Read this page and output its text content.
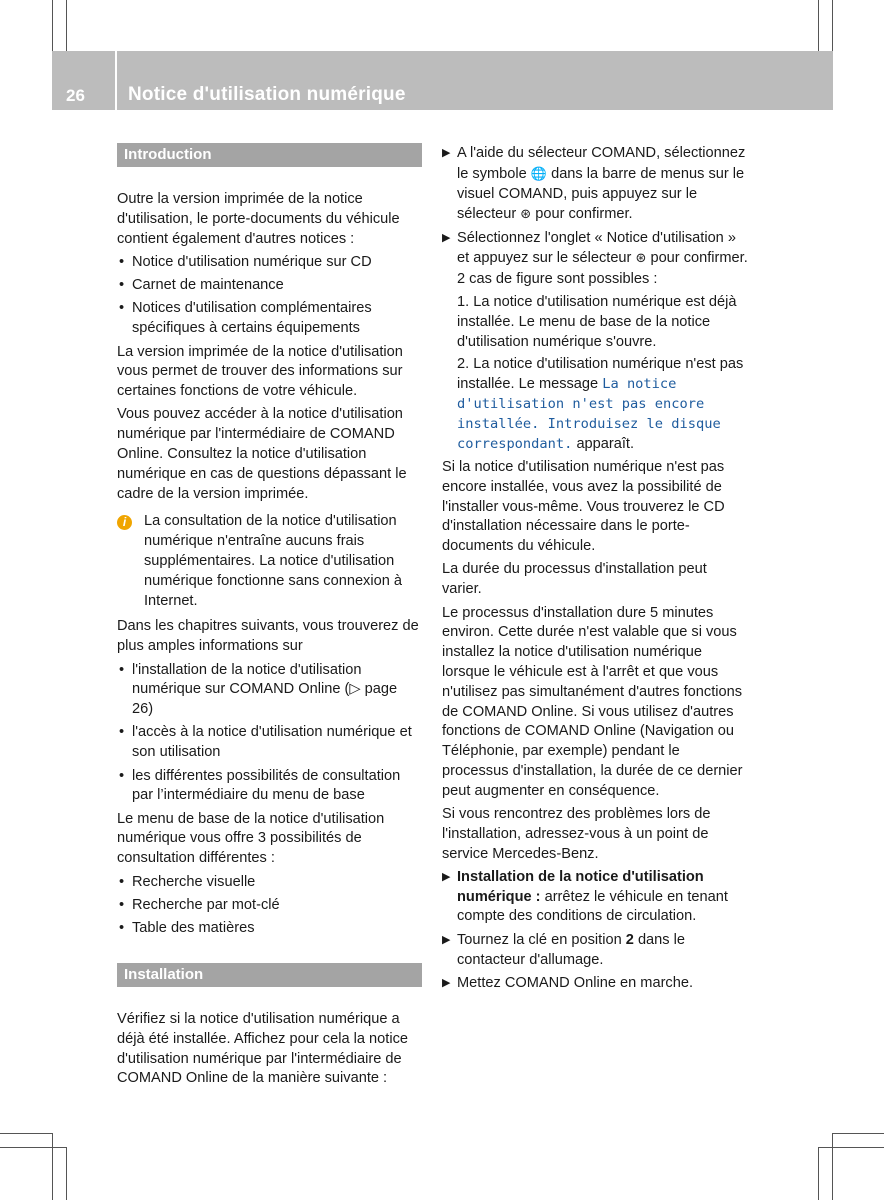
26 Notice d'utilisation numérique
Introduction

Outre la version imprimée de la notice d'utilisation, le porte-documents du véhicule contient également d'autres notices :

• Notice d'utilisation numérique sur CD
• Carnet de maintenance
• Notices d'utilisation complémentaires spécifiques à certains équipements

La version imprimée de la notice d'utilisation vous permet de trouver des informations sur certaines fonctions de votre véhicule.

Vous pouvez accéder à la notice d'utilisation numérique par l'intermédiaire de COMAND Online. Consultez la notice d'utilisation numérique en cas de questions dépassant le cadre de la version imprimée.

i	La consultation de la notice d'utilisation numérique n'entraîne aucuns frais supplémentaires. La notice d'utilisation numérique fonctionne sans connexion à Internet.

Dans les chapitres suivants, vous trouverez de plus amples informations sur

• l'installation de la notice d'utilisation numérique sur COMAND Online (▷ page 26)
• l'accès à la notice d'utilisation numérique et son utilisation
• les différentes possibilités de consultation par l’intermédiaire du menu de base

Le menu de base de la notice d'utilisation numérique vous offre 3 possibilités de consultation différentes :

• Recherche visuelle
• Recherche par mot-clé
• Table des matières
Installation

Vérifiez si la notice d'utilisation numérique a déjà été installée. Affichez pour cela la notice d'utilisation numérique par l'intermédiaire de COMAND Online de la manière suivante :

▶ A l'aide du sélecteur COMAND, sélectionnez le symbole 🌐 dans la barre de menus sur le visuel COMAND, puis appuyez sur le sélecteur ⊛ pour confirmer.
▶ Sélectionnez l'onglet « Notice d'utilisation » et appuyez sur le sélecteur ⊛ pour confirmer.
2 cas de figure sont possibles :
1. La notice d'utilisation numérique est déjà installée. Le menu de base de la notice d'utilisation numérique s'ouvre.
2. La notice d'utilisation numérique n'est pas installée. Le message La notice d'utilisation n'est pas encore installée. Introduisez le disque correspondant. apparaît.

Si la notice d'utilisation numérique n'est pas encore installée, vous avez la possibilité de l'installer vous-même. Vous trouverez le CD d'installation nécessaire dans le porte-documents du véhicule.

La durée du processus d'installation peut varier.

Le processus d'installation dure 5 minutes environ. Cette durée n'est valable que si vous installez la notice d'utilisation numérique lorsque le véhicule est à l'arrêt et que vous n'utilisez pas simultanément d'autres fonctions de COMAND Online. Si vous utilisez d'autres fonctions de COMAND Online (Navigation ou Téléphonie, par exemple) pendant le processus d'installation, la durée de ce dernier peut augmenter en conséquence.

Si vous rencontrez des problèmes lors de l'installation, adressez-vous à un point de service Mercedes-Benz.

▶ Installation de la notice d'utilisation numérique : arrêtez le véhicule en tenant compte des conditions de circulation.
▶ Tournez la clé en position 2 dans le contacteur d'allumage.
▶ Mettez COMAND Online en marche.
